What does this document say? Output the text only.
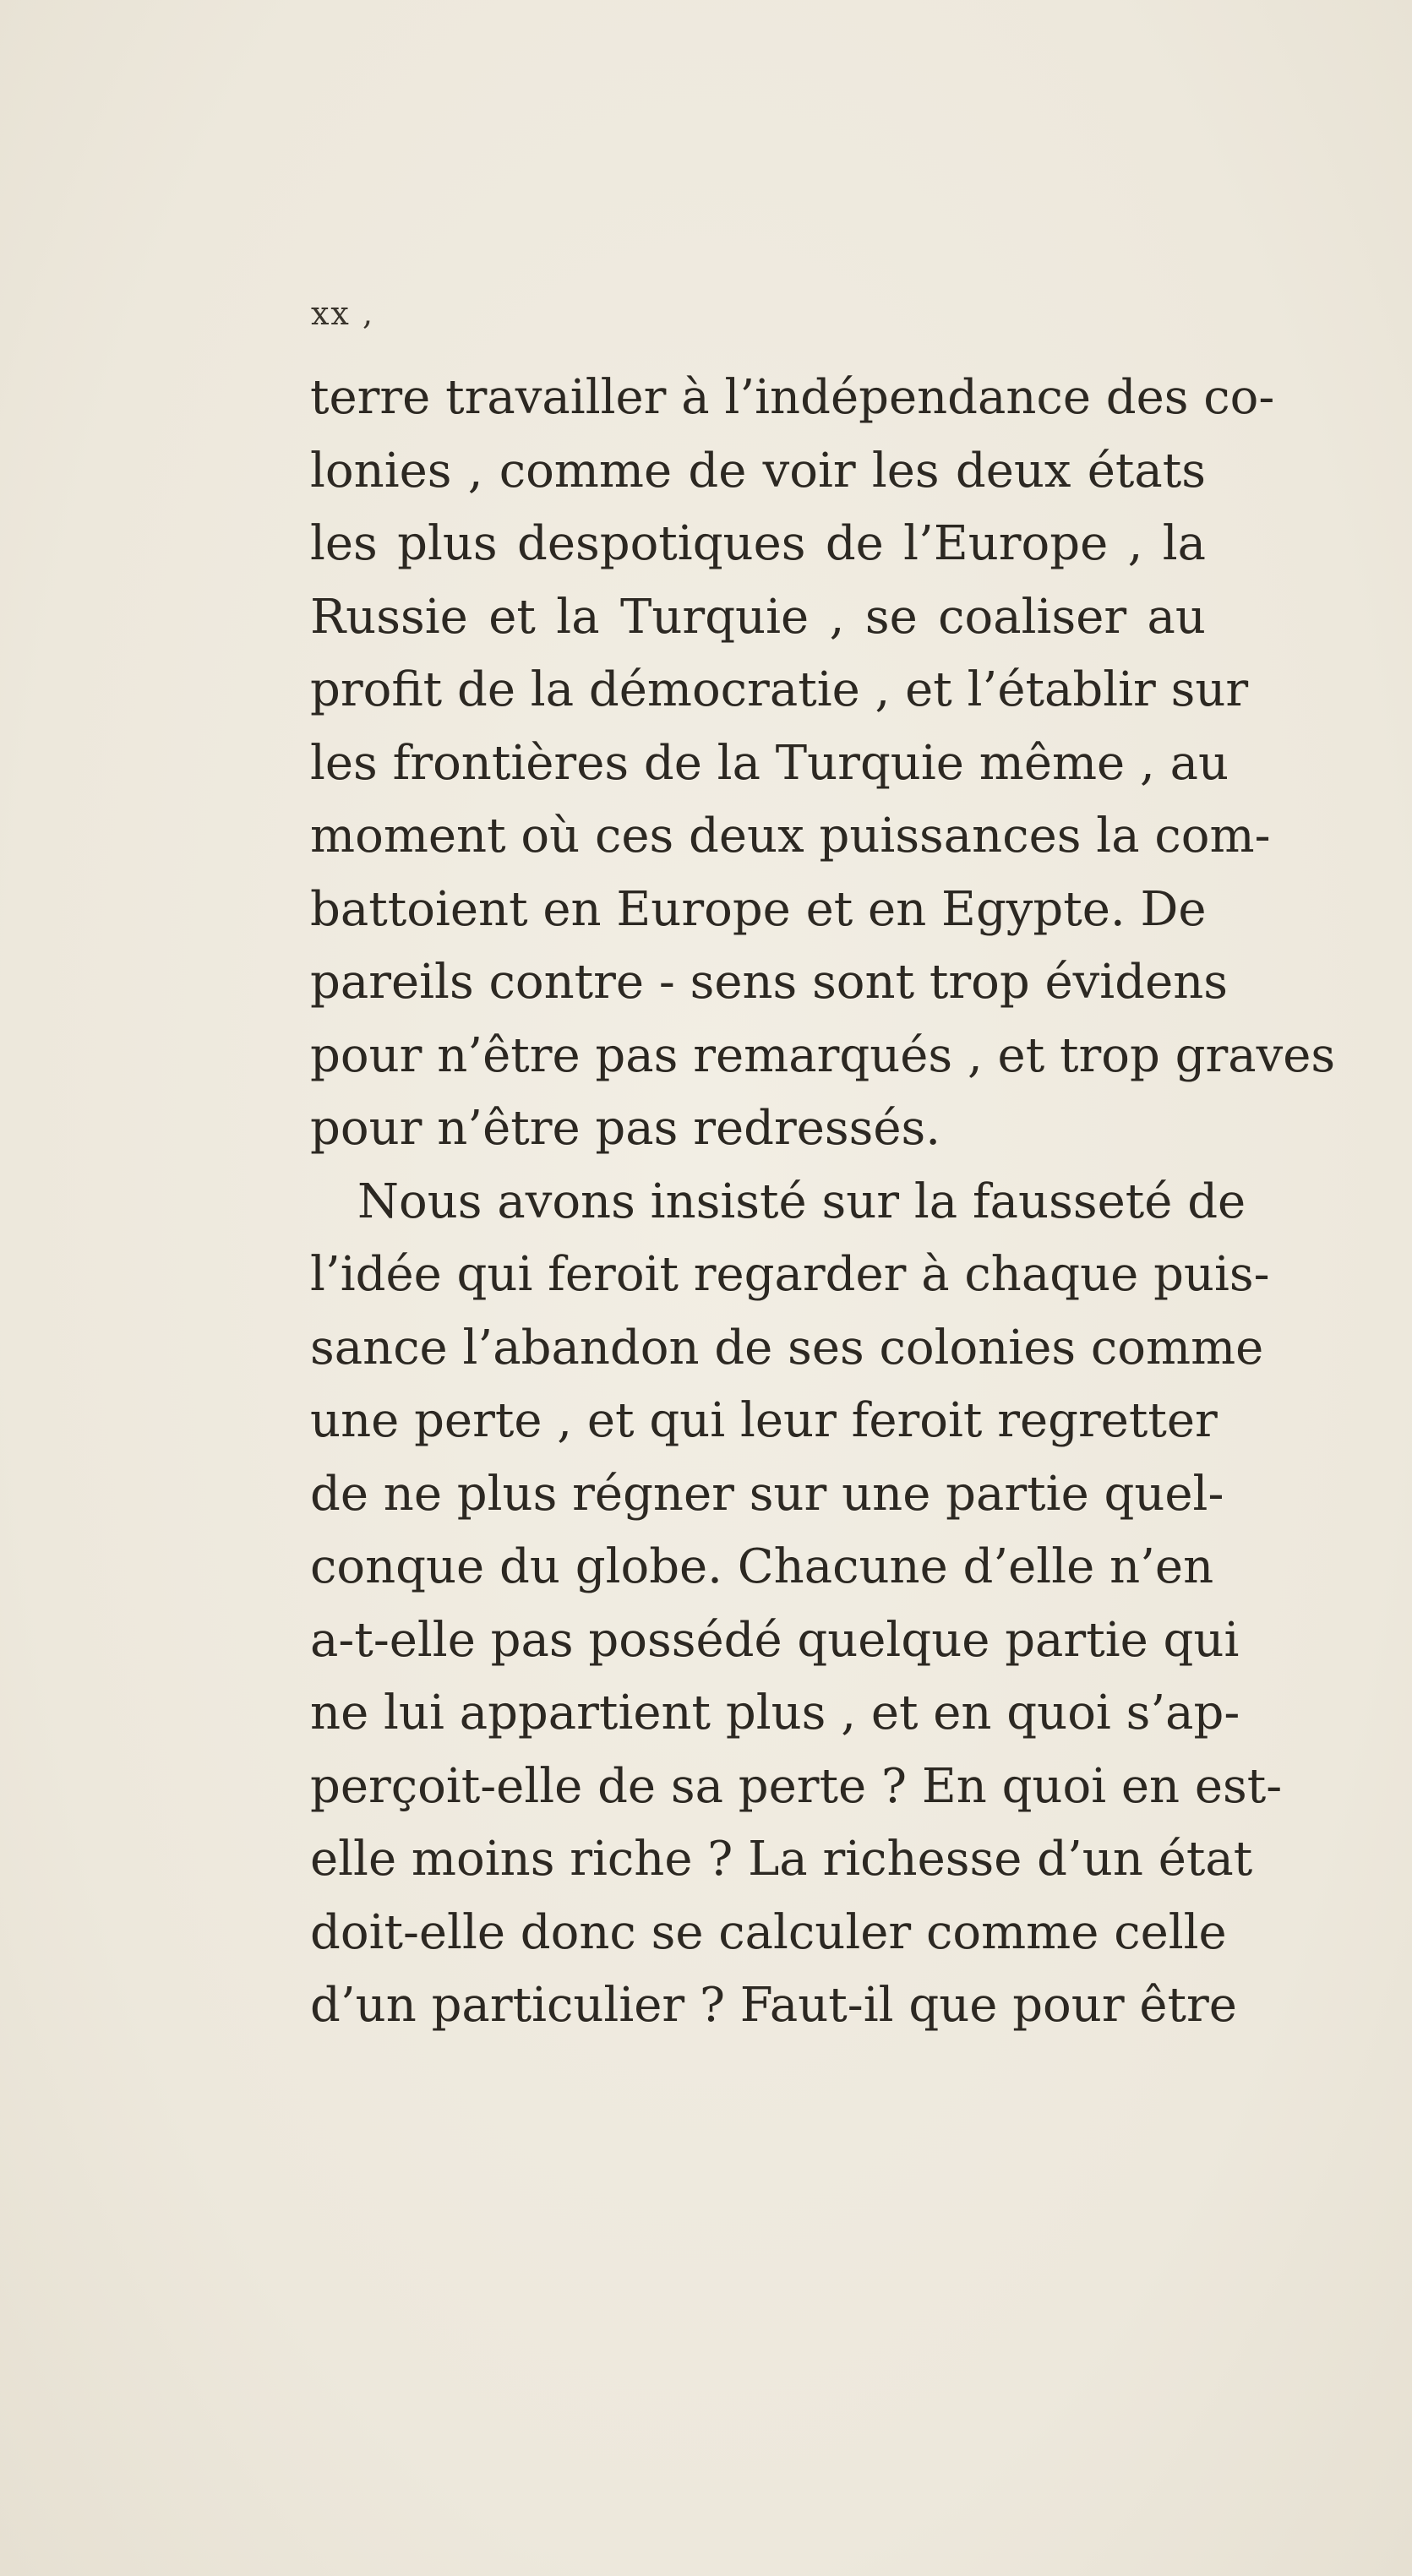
xx ,
terre travailler à l’indépendance des co-
lonies , comme de voir les deux états
les plus despotiques de l’Europe , la
Russie et la Turquie , se coaliser au
profit de la démocratie , et l’établir sur
les frontières de la Turquie même , au
moment où ces deux puissances la com-
battoient en Europe et en Egypte. De
pareils contre - sens sont trop évidens
pour n’être pas remarqués , et trop graves
pour n’être pas redressés.
Nous avons insisté sur la fausseté de
l’idée qui feroit regarder à chaque puis-
sance l’abandon de ses colonies comme
une perte , et qui leur feroit regretter
de ne plus régner sur une partie quel-
conque du globe. Chacune d’elle n’en
a-t-elle pas possédé quelque partie qui
ne lui appartient plus , et en quoi s’ap-
perçoit-elle de sa perte ? En quoi en est-
elle moins riche ? La richesse d’un état
doit-elle donc se calculer comme celle
d’un particulier ? Faut-il que pour être
